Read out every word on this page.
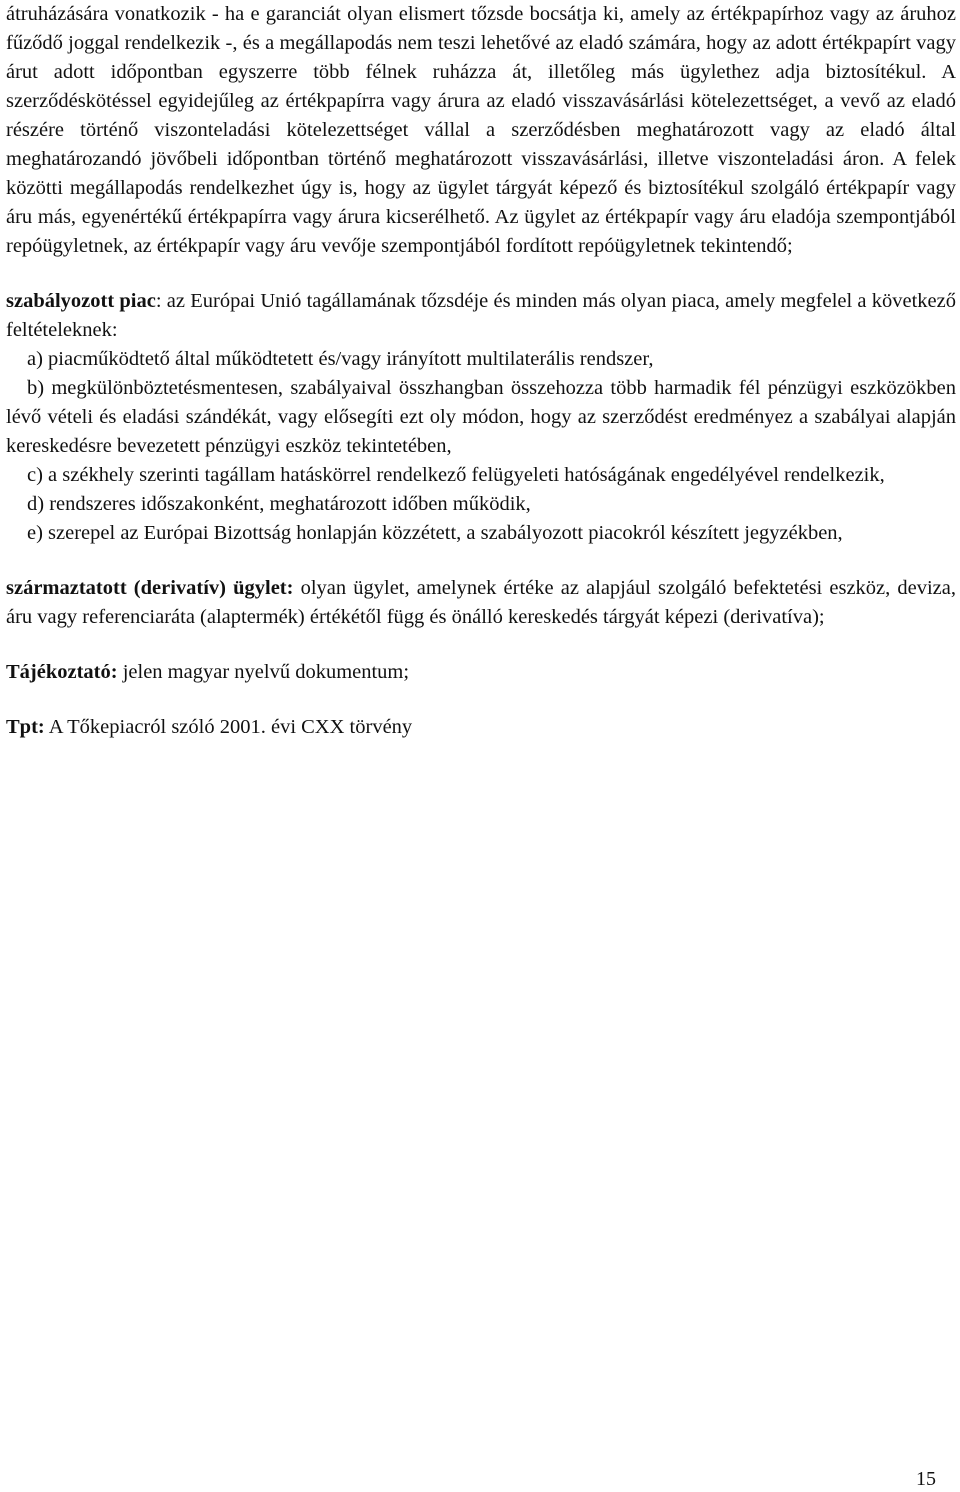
átruházására vonatkozik - ha e garanciát olyan elismert tőzsde bocsátja ki, amely az értékpapírhoz vagy az áruhoz fűződő joggal rendelkezik -, és a megállapodás nem teszi lehetővé az eladó számára, hogy az adott értékpapírt vagy árut adott időpontban egyszerre több félnek ruházza át, illetőleg más ügylethez adja biztosítékul. A szerződéskötéssel egyidejűleg az értékpapírra vagy árura az eladó visszavásárlási kötelezettséget, a vevő az eladó részére történő viszonteladási kötelezettséget vállal a szerződésben meghatározott vagy az eladó által meghatározandó jövőbeli időpontban történő meghatározott visszavásárlási, illetve viszonteladási áron. A felek közötti megállapodás rendelkezhet úgy is, hogy az ügylet tárgyát képező és biztosítékul szolgáló értékpapír vagy áru más, egyenértékű értékpapírra vagy árura kicserélhető. Az ügylet az értékpapír vagy áru eladója szempontjából repóügyletnek, az értékpapír vagy áru vevője szempontjából fordított repóügyletnek tekintendő;

szabályozott piac: az Európai Unió tagállamának tőzsdéje és minden más olyan piaca, amely megfelel a következő feltételeknek:

a) piacműködtető által működtetett és/vagy irányított multilaterális rendszer,

b) megkülönböztetésmentesen, szabályaival összhangban összehozza több harmadik fél pénzügyi eszközökben lévő vételi és eladási szándékát, vagy elősegíti ezt oly módon, hogy az szerződést eredményez a szabályai alapján kereskedésre bevezetett pénzügyi eszköz tekintetében,

c) a székhely szerinti tagállam hatáskörrel rendelkező felügyeleti hatóságának engedélyével rendelkezik,

d) rendszeres időszakonként, meghatározott időben működik,

e) szerepel az Európai Bizottság honlapján közzétett, a szabályozott piacokról készített jegyzékben,

származtatott (derivatív) ügylet: olyan ügylet, amelynek értéke az alapjául szolgáló befektetési eszköz, deviza, áru vagy referenciaráta (alaptermék) értékétől függ és önálló kereskedés tárgyát képezi (derivatíva);

Tájékoztató: jelen magyar nyelvű dokumentum;

Tpt: A Tőkepiacról szóló 2001. évi CXX törvény

15
